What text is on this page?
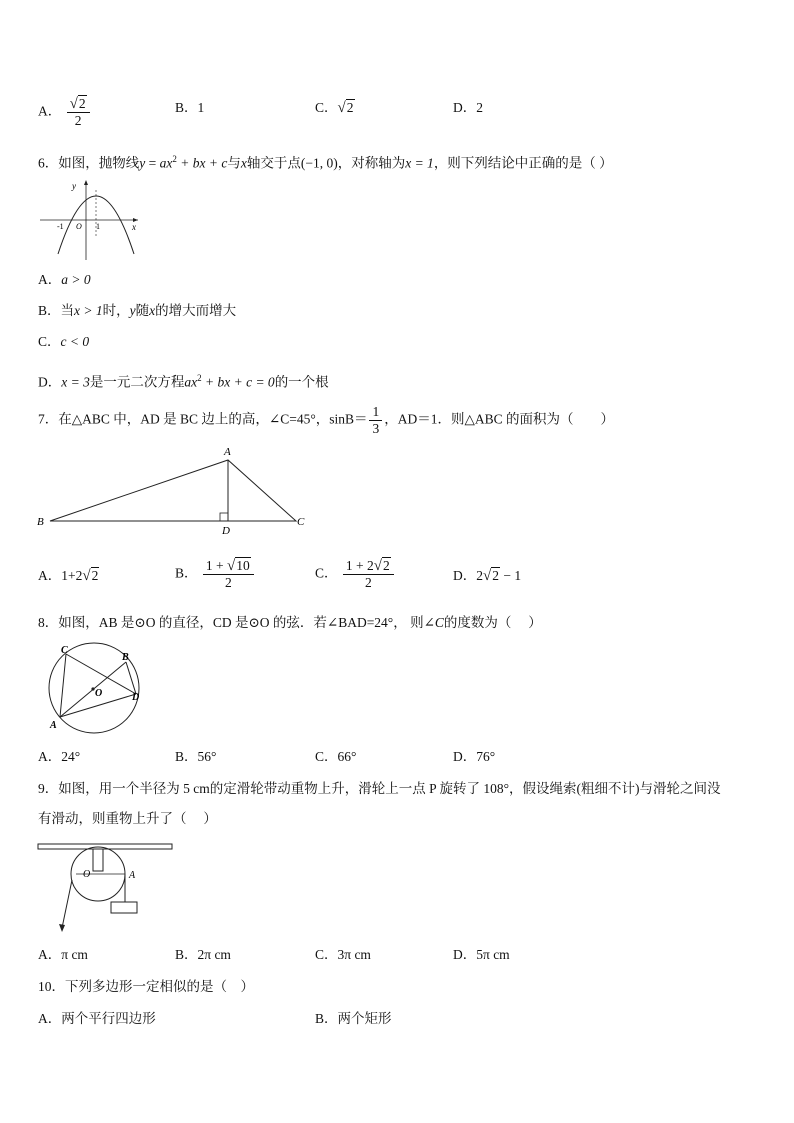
A． $\frac{√2}{2}$	B．1	C．√2	D．2
6．如图，抛物线$y = ax^2$ + bx + c与x轴交于点(−1, 0)，对称轴为x = 1，则下列结论中正确的是（ ）
y
x
-1 O 1
A．a > 0
B．当x > 1时，y随x的增大而增大
C．c < 0
D．x = 3是一元二次方程$ax^2$ + bx + c = 0的一个根
7．在△ABC 中，AD 是 BC 边上的高，∠C=45°，$\sin B= \frac{1}{3}$ ，AD＝1．则△ABC 的面积为（　　）
A
B
D
C
A．1+2√2	B． $\frac{1 + √10}{2}$	C． $\frac{1 + 2√2}{2}$	D．2√2 − 1
8．如图，AB 是⊙O 的直径，CD 是⊙O 的弦．若∠BAD=24°， 则∠C的度数为（　 ）
C
B
O	D
A
A．24°	B．56°	C．66°	D．76°
9．如图，用一个半径为 5 cm的定滑轮带动重物上升，滑轮上一点 P 旋转了 108°，假设绳索(粗细不计)与滑轮之间没
有滑动，则重物上升了（　 ）
O	A
A．π cm	B．2π cm	C．3π cm	D．5π cm
10．下列多边形一定相似的是（　）
A．两个平行四边形	B．两个矩形
